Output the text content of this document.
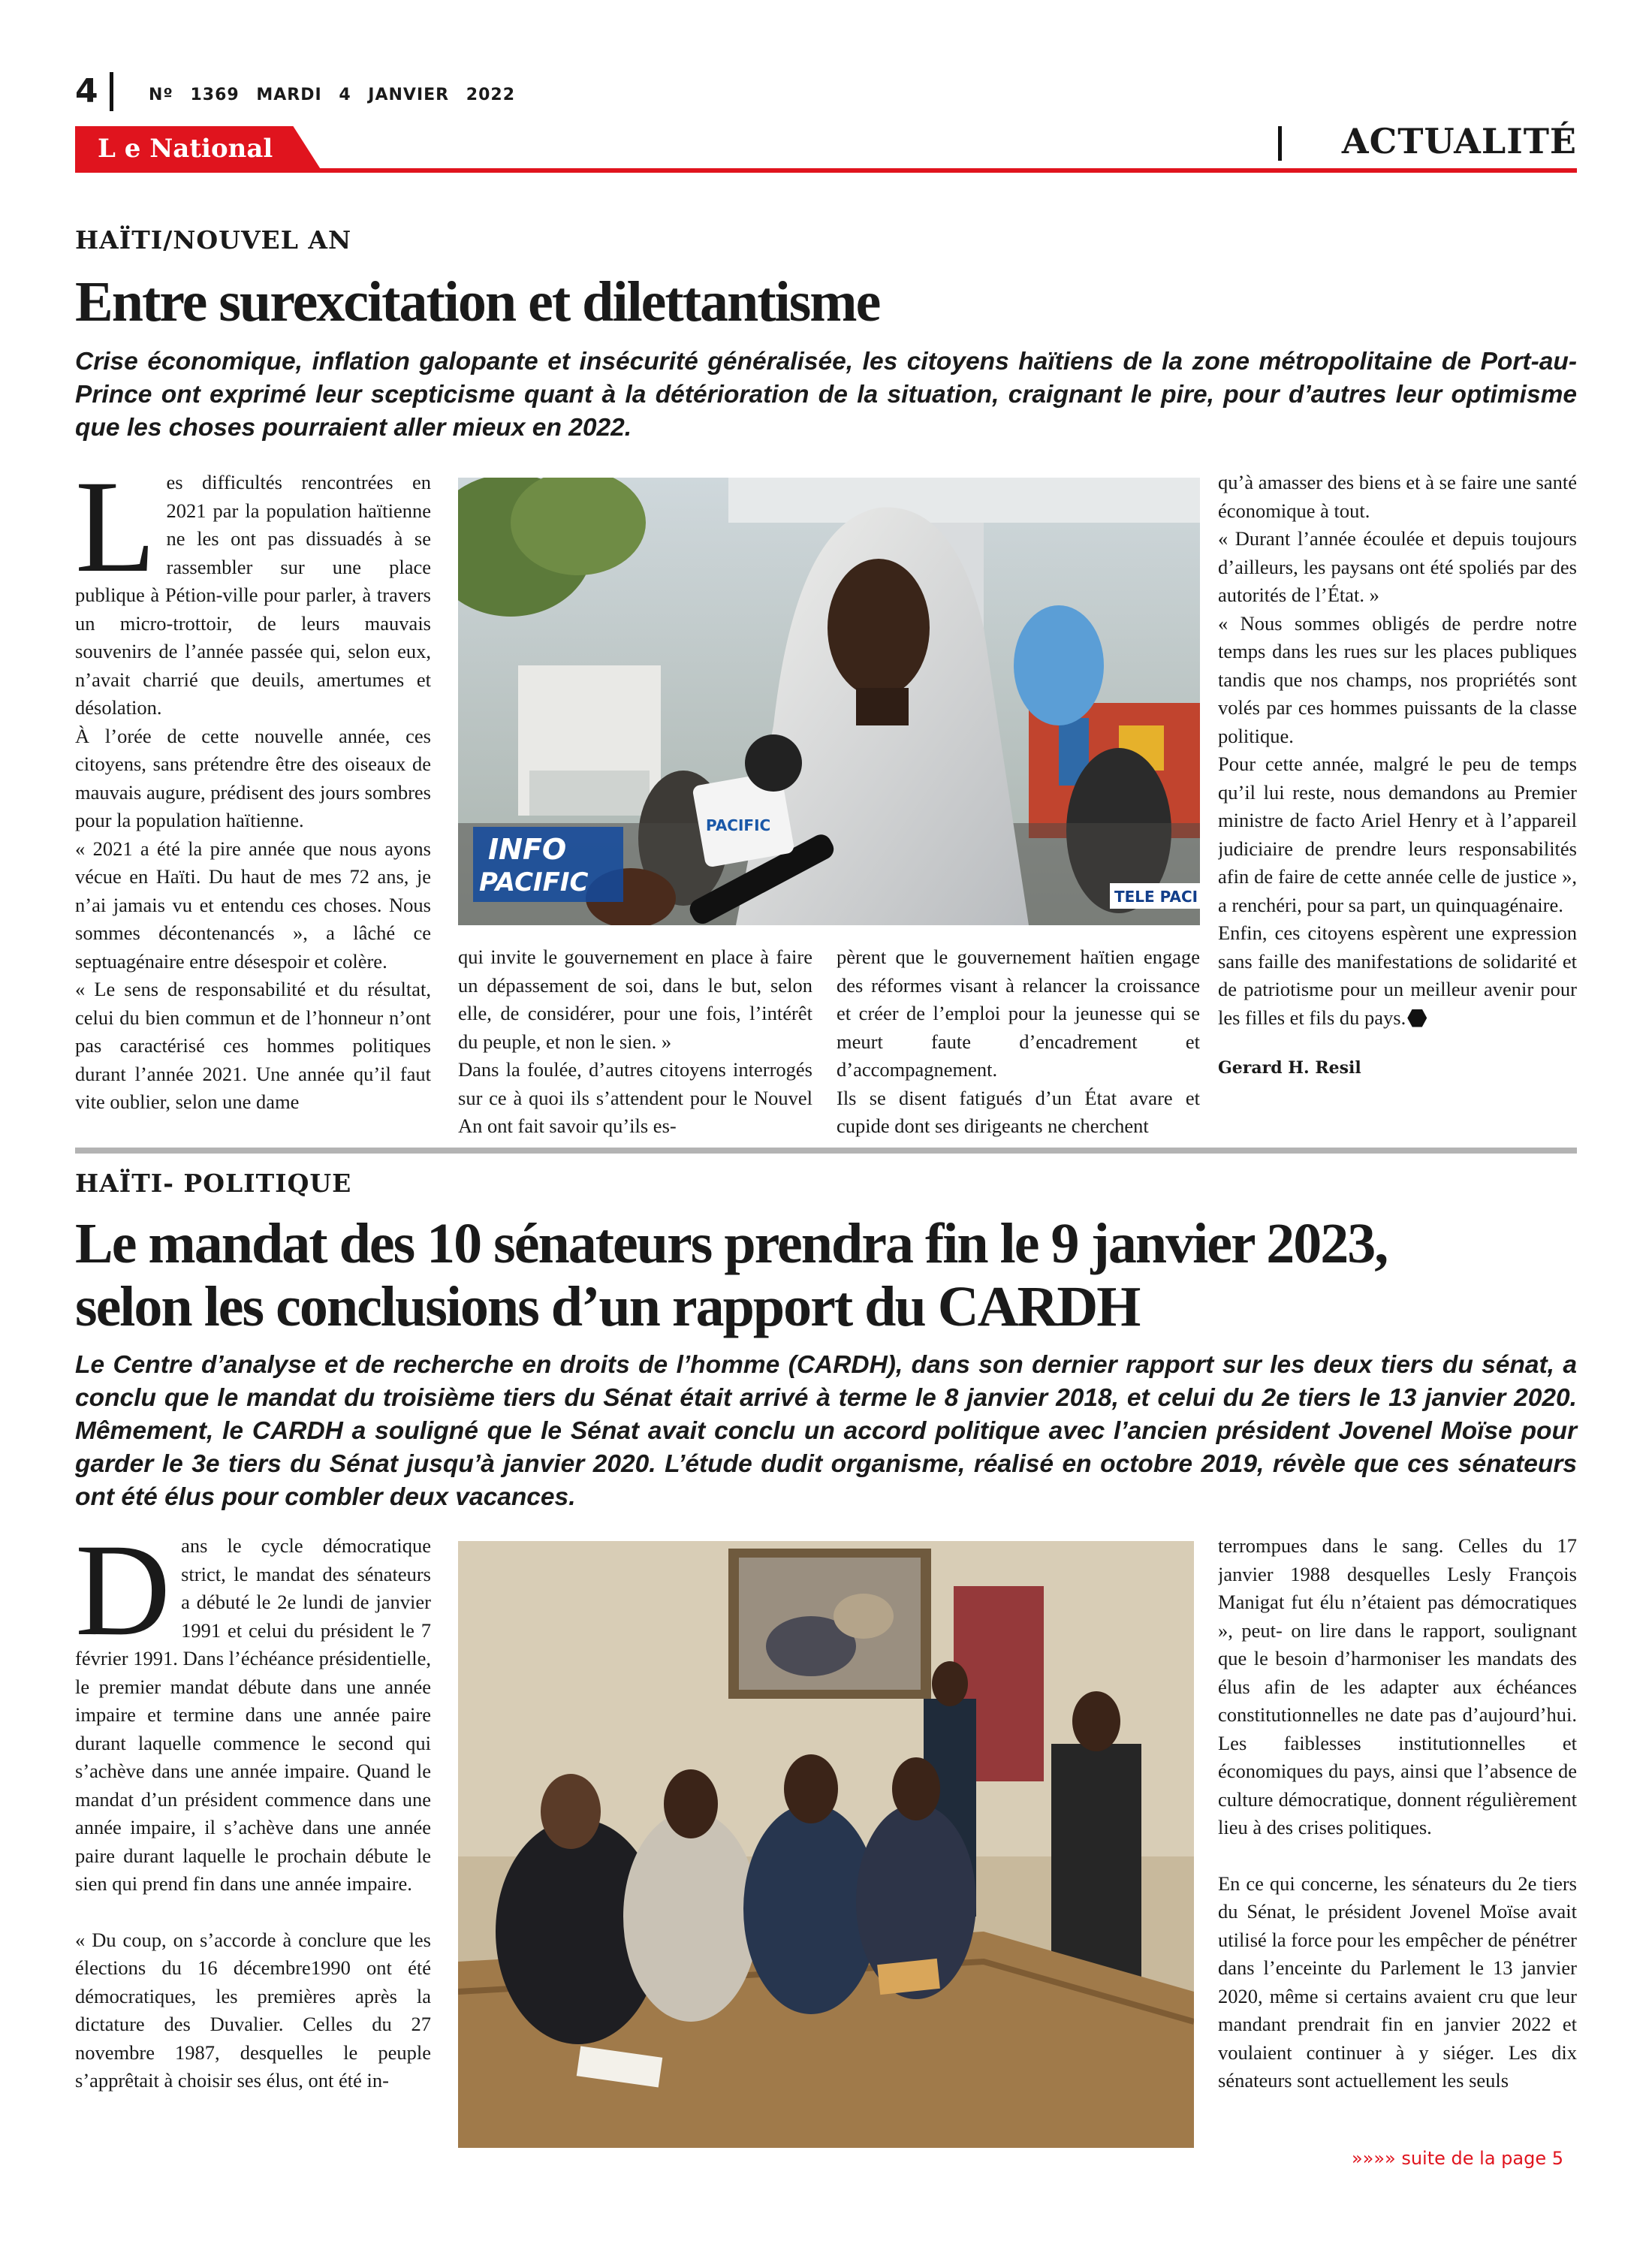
4	Nº 1369 MARDI 4 JANVIER 2022
L e National	ACTUALITÉ
HAÏTI/NOUVEL AN
Entre surexcitation et dilettantisme
Crise économique, inflation galopante et insécurité généralisée, les citoyens haïtiens de la zone métropolitaine de Port-au-Prince ont exprimé leur scepticisme quant à la détérioration de la situation, craignant le pire, pour d’autres leur optimisme que les choses pourraient aller mieux en 2022.
L es difficultés rencontrées en 2021 par la population haïtienne ne les ont pas dissuadés à se rassembler sur une place publique à Pétion-ville pour parler, à travers un micro-trottoir, de leurs mauvais souvenirs de l’année passée qui, selon eux, n’avait charrié que deuils, amertumes et désolation.

À l’orée de cette nouvelle année, ces citoyens, sans prétendre être des oiseaux de mauvais augure, prédisent des jours sombres pour la population haïtienne.

« 2021 a été la pire année que nous ayons vécue en Haïti. Du haut de mes 72 ans, je n’ai jamais vu et entendu ces choses. Nous sommes décontenancés », a lâché ce septuagénaire entre désespoir et colère.

« Le sens de responsabilité et du résultat, celui du bien commun et de l’honneur n’ont pas caractérisé ces hommes politiques durant l’année 2021. Une année qu’il faut vite oublier, selon une dame

PACIFIC
INFO
PACIFIC	TELE PACI

qui invite le gouvernement en place à faire un dépassement de soi, dans le but, selon elle, de considérer, pour une fois, l’intérêt du peuple, et non le sien. »

Dans la foulée, d’autres citoyens interrogés sur ce à quoi ils s’attendent pour le Nouvel An ont fait savoir qu’ils es-

pèrent que le gouvernement haïtien engage des réformes visant à relancer la croissance et créer de l’emploi pour la jeunesse qui se meurt faute d’encadrement et d’accompagnement.

Ils se disent fatigués d’un État avare et cupide dont ses dirigeants ne cherchent

qu’à amasser des biens et à se faire une santé économique à tout.

« Durant l’année écoulée et depuis toujours d’ailleurs, les paysans ont été spoliés par des autorités de l’État. »

« Nous sommes obligés de perdre notre temps dans les rues sur les places publiques tandis que nos champs, nos propriétés sont volés par ces hommes puissants de la classe politique.

Pour cette année, malgré le peu de temps qu’il lui reste, nous demandons au Premier ministre de facto Ariel Henry et à l’appareil judiciaire de prendre leurs responsabilités afin de faire de cette année celle de justice », a renchéri, pour sa part, un quinquagénaire.

Enfin, ces citoyens espèrent une expression sans faille des manifestations de solidarité et de patriotisme pour un meilleur avenir pour les filles et fils du pays.

Gerard H. Resil
HAÏTI- POLITIQUE
Le mandat des 10 sénateurs prendra fin le 9 janvier 2023,
selon les conclusions d’un rapport du CARDH
Le Centre d’analyse et de recherche en droits de l’homme (CARDH), dans son dernier rapport sur les deux tiers du sénat, a conclu que le mandat du troisième tiers du Sénat était arrivé à terme le 8 janvier 2018, et celui du 2e tiers le 13 janvier 2020. Mêmement, le CARDH a souligné que le Sénat avait conclu un accord politique avec l’ancien président Jovenel Moïse pour garder le 3e tiers du Sénat jusqu’à janvier 2020. L’étude dudit organisme, réalisé en octobre 2019, révèle que ces sénateurs ont été élus pour combler deux vacances.
D ans le cycle démocratique strict, le mandat des sénateurs a débuté le 2e lundi de janvier 1991 et celui du président le 7 février 1991. Dans l’échéance présidentielle, le premier mandat débute dans une année impaire et termine dans une année paire durant laquelle commence le second qui s’achève dans une année impaire. Quand le mandat d’un président commence dans une année impaire, il s’achève dans une année paire durant laquelle le prochain débute le sien qui prend fin dans une année impaire.

« Du coup, on s’accorde à conclure que les élections du 16 décembre1990 ont été démocratiques, les premières après la dictature des Duvalier. Celles du 27 novembre 1987, desquelles le peuple s’apprêtait à choisir ses élus, ont été in-

terrompues dans le sang. Celles du 17 janvier 1988 desquelles Lesly François Manigat fut élu n’étaient pas démocratiques », peut- on lire dans le rapport, soulignant que le besoin d’harmoniser les mandats des élus afin de les adapter aux échéances constitutionnelles ne date pas d’aujourd’hui. Les faiblesses institutionnelles et économiques du pays, ainsi que l’absence de culture démocratique, donnent régulièrement lieu à des crises politiques.

En ce qui concerne, les sénateurs du 2e tiers du Sénat, le président Jovenel Moïse avait utilisé la force pour les empêcher de pénétrer dans l’enceinte du Parlement le 13 janvier 2020, même si certains avaient cru que leur mandant prendrait fin en janvier 2022 et voulaient continuer à y siéger. Les dix sénateurs sont actuellement les seuls

»»»» suite de la page 5
